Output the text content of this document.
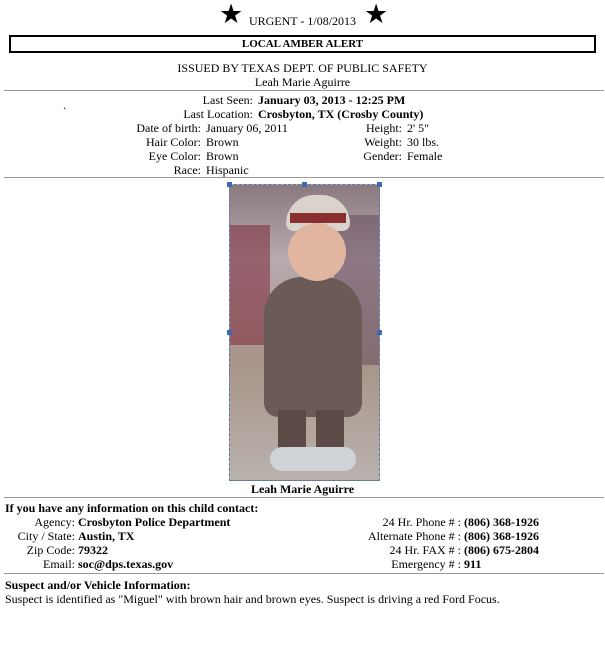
★	★
URGENT - 1/08/2013
LOCAL AMBER ALERT
ISSUED BY TEXAS DEPT. OF PUBLIC SAFETY
Leah Marie Aguirre
.	Last Seen: January 03, 2013 - 12:25 PM
Last Location: Crosbyton, TX (Crosby County)
Date of birth: January 06, 2011
Hair Color: Brown
Eye Color: Brown
Race: Hispanic
Height: 2' 5"
Weight: 30 lbs.
Gender: Female
Leah Marie Aguirre
If you have any information on this child contact:
Agency: Crosbyton Police Department
City / State: Austin, TX
Zip Code: 79322
Email: soc@dps.texas.gov
24 Hr. Phone # : (806) 368-1926
Alternate Phone # : (806) 368-1926
24 Hr. FAX # : (806) 675-2804
Emergency # : 911
Suspect and/or Vehicle Information:
Suspect is identified as "Miguel" with brown hair and brown eyes. Suspect is driving a red Ford Focus.
